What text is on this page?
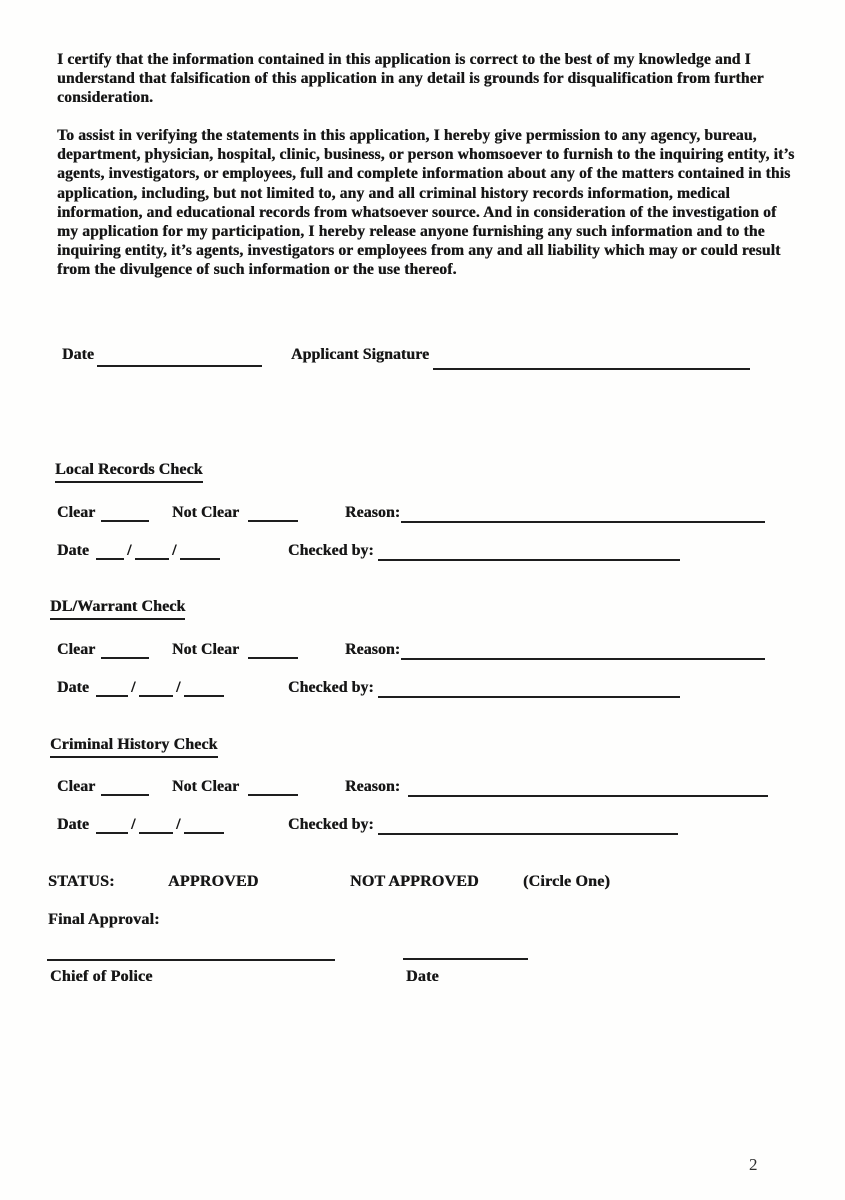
I certify that the information contained in this application is correct to the best of my knowledge and I understand that falsification of this application in any detail is grounds for disqualification from further consideration.
To assist in verifying the statements in this application, I hereby give permission to any agency, bureau, department, physician, hospital, clinic, business, or person whomsoever to furnish to the inquiring entity, it’s agents, investigators, or employees, full and complete information about any of the matters contained in this application, including, but not limited to, any and all criminal history records information, medical information, and educational records from whatsoever source. And in consideration of the investigation of my application for my participation, I hereby release anyone furnishing any such information and to the inquiring entity, it’s agents, investigators or employees from any and all liability which may or could result from the divulgence of such information or the use thereof.
Date	Applicant Signature
Local Records Check
Clear	Not Clear	Reason:
Date /	/	Checked by:
DL/Warrant Check
Clear	Not Clear	Reason:
Date	/	/	Checked by:
Criminal History Check
Clear	Not Clear	Reason:
Date	/	/	Checked by:
STATUS:	APPROVED	NOT APPROVED	(Circle One)
Final Approval:
Chief of Police	Date
2
